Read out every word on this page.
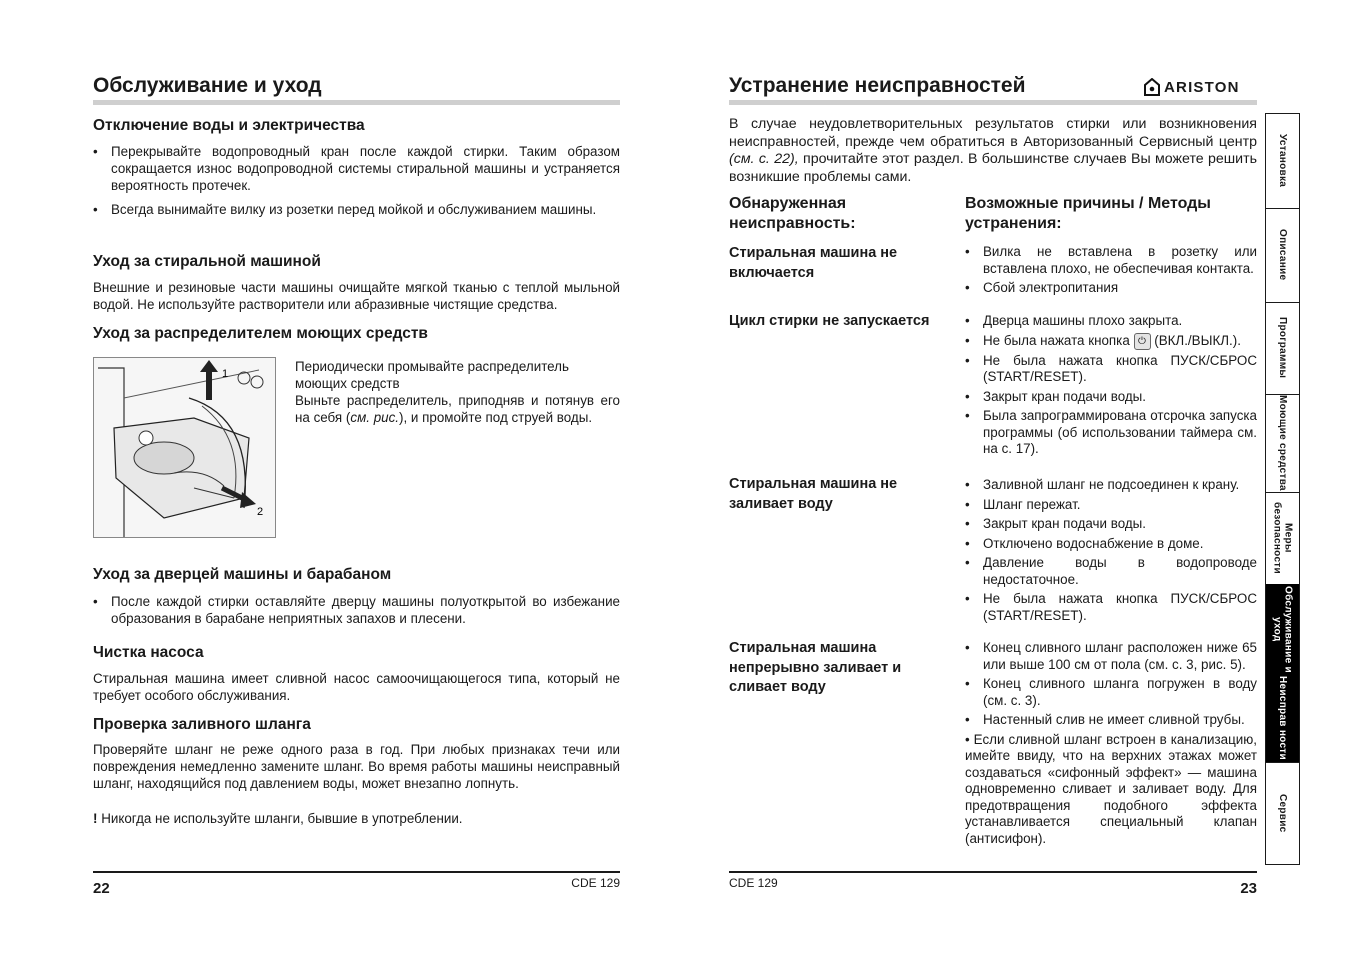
Обслуживание и уход
Отключение воды и электричества
• Перекрывайте водопроводный кран после каждой стирки. Таким образом сокращается износ водопроводной системы стиральной машины и устраняется вероятность протечек.
• Всегда вынимайте вилку из розетки перед мойкой и обслуживанием машины.
Уход за стиральной машиной

Внешние и резиновые части машины очищайте мягкой тканью с теплой мыльной водой. Не используйте растворители или абразивные чистящие средства.

Уход за распределителем моющих средств
1
2

Периодически промывайте распределитель моющих средств

Выньте распределитель, приподняв и потянув его на себя (см. рис.), и промойте под струей воды.

Уход за дверцей машины и барабаном
• После каждой стирки оставляйте дверцу машины полуоткрытой во избежание образования в барабане неприятных запахов и плесени.
Чистка насоса

Стиральная машина имеет сливной насос самоочищающегося типа, который не требует особого обслуживания.

Проверка заливного шланга

Проверяйте шланг не реже одного раза в год. При любых признаках течи или повреждения немедленно замените шланг. Во время работы машины неисправный шланг, находящийся под давлением воды, может внезапно лопнуть.

! Никогда не используйте шланги, бывшие в употреблении.

22	CDE 129
Устранение неисправностей

В случае неудовлетворительных результатов стирки или возникновения неисправностей, прежде чем обратиться в Авторизованный Сервисный центр (см. с. 22), прочитайте этот раздел. В большинстве случаев Вы можете решить возникшие проблемы сами.

Обнаруженная неисправность:
Возможные причины / Методы устранения:
Стиральная машина не включается
• Вилка не вставлена в розетку или вставлена плохо, не обеспечивая контакта.
• Сбой электропитания
Цикл стирки не запускается
•	Дверца машины плохо закрыта.
• Не была нажата кнопка ⏻ (ВКЛ./ВЫКЛ.).
• Не была нажата кнопка ПУСК/СБРОС (START/RESET).
• Закрыт кран подачи воды.
• Была запрограммирована отсрочка запуска программы (об использовании таймера см. на с. 17).
Стиральная машина не заливает воду
• Заливной шланг не подсоединен к крану.
• Шланг пережат.
• Закрыт кран подачи воды.
• Отключено водоснабжение в доме.
• Давление воды в водопроводе недостаточное.
• Не была нажата кнопка ПУСК/СБРОС (START/RESET).
Стиральная машина непрерывно заливает и сливает воду
• Конец сливного шланг расположен ниже 65 или выше 100 см от пола (см. с. 3, рис. 5).
• Конец сливного шланга погружен в воду (см. с. 3).
• Настенный слив не имеет сливной трубы.

• Если сливной шланг встроен в канализацию, имейте ввиду, что на верхних этажах может создаваться «сифонный эффект» — машина одновременно сливает и заливает воду. Для предотвращения подобного эффекта устанавливается специальный клапан (антисифон).

CDE 129	23
ARISTON
Установка
Описание
Программы
Моющие средства
Меры безопасности
Обслуживание и уход
Неисправ ности
Сервис
